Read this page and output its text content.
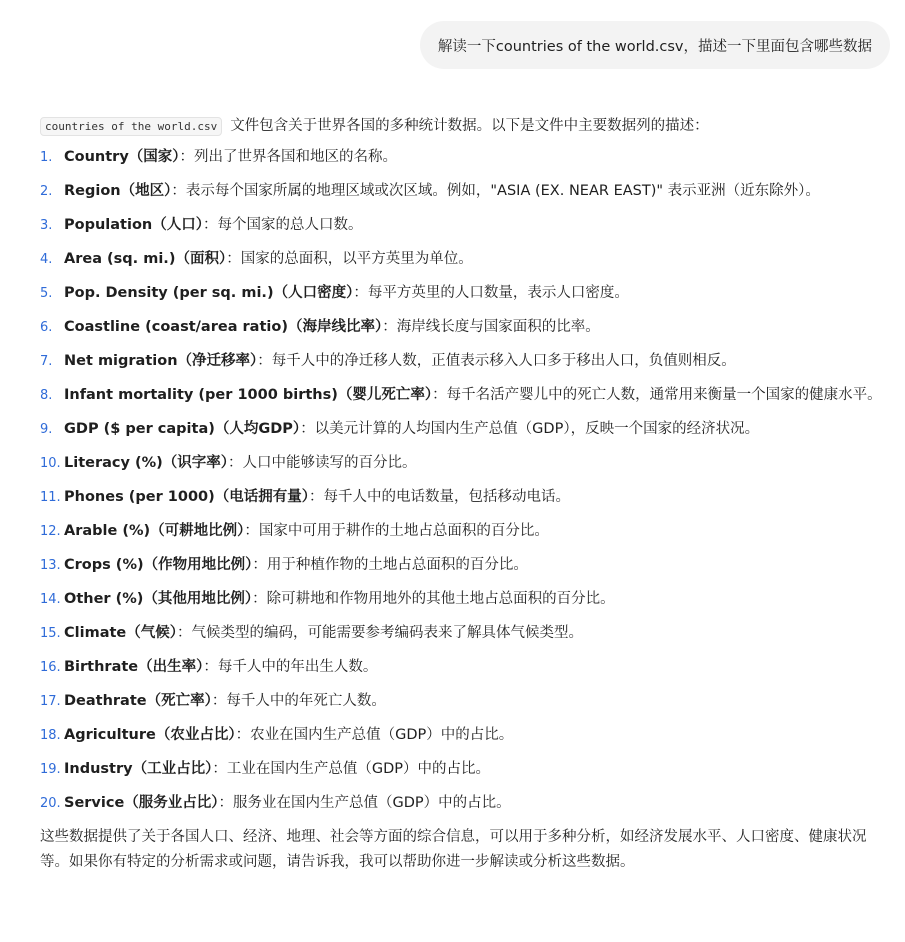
解读一下countries of the world.csv，描述一下里面包含哪些数据

countries of the world.csv 文件包含关于世界各国的多种统计数据。以下是文件中主要数据列的描述：

1. Country（国家）：列出了世界各国和地区的名称。
2. Region（地区）：表示每个国家所属的地理区域或次区域。例如，"ASIA (EX. NEAR EAST)" 表示亚洲（近东除外）。
3. Population（人口）：每个国家的总人口数。
4. Area (sq. mi.)（面积）：国家的总面积，以平方英里为单位。
5. Pop. Density (per sq. mi.)（人口密度）：每平方英里的人口数量，表示人口密度。
6. Coastline (coast/area ratio)（海岸线比率）：海岸线长度与国家面积的比率。
7. Net migration（净迁移率）：每千人中的净迁移人数，正值表示移入人口多于移出人口，负值则相反。
8. Infant mortality (per 1000 births)（婴儿死亡率）：每千名活产婴儿中的死亡人数，通常用来衡量一个国家的健康水平。
9. GDP ($ per capita)（人均GDP）：以美元计算的人均国内生产总值（GDP），反映一个国家的经济状况。
10. Literacy (%)（识字率）：人口中能够读写的百分比。
11. Phones (per 1000)（电话拥有量）：每千人中的电话数量，包括移动电话。
12. Arable (%)（可耕地比例）：国家中可用于耕作的土地占总面积的百分比。
13. Crops (%)（作物用地比例）：用于种植作物的土地占总面积的百分比。
14. Other (%)（其他用地比例）：除可耕地和作物用地外的其他土地占总面积的百分比。
15. Climate（气候）：气候类型的编码，可能需要参考编码表来了解具体气候类型。
16. Birthrate（出生率）：每千人中的年出生人数。
17. Deathrate（死亡率）：每千人中的年死亡人数。
18. Agriculture（农业占比）：农业在国内生产总值（GDP）中的占比。
19. Industry（工业占比）：工业在国内生产总值（GDP）中的占比。
20. Service（服务业占比）：服务业在国内生产总值（GDP）中的占比。

这些数据提供了关于各国人口、经济、地理、社会等方面的综合信息，可以用于多种分析，如经济发展水平、人口密度、健康状况等。如果你有特定的分析需求或问题，请告诉我，我可以帮助你进一步解读或分析这些数据。
